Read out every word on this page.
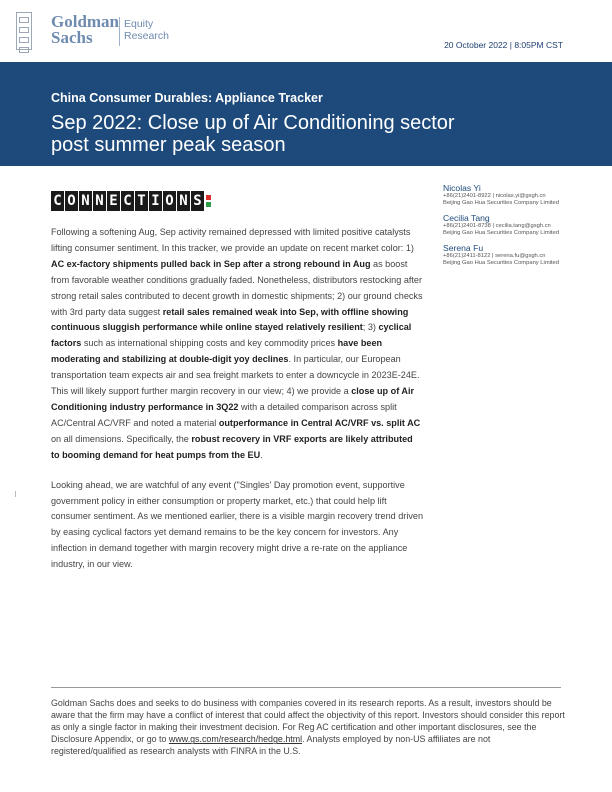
Goldman
Sachs
Equity
Research
20 October 2022 | 8:05PM CST
China Consumer Durables: Appliance Tracker
Sep 2022: Close up of Air Conditioning sector post summer peak season
C O N N E C T I O N S

Following a softening Aug, Sep activity remained depressed with limited positive catalysts lifting consumer sentiment. In this tracker, we provide an update on recent market color: 1) AC ex-factory shipments pulled back in Sep after a strong rebound in Aug as boost from favorable weather conditions gradually faded. Nonetheless, distributors restocking after strong retail sales contributed to decent growth in domestic shipments; 2) our ground checks with 3rd party data suggest retail sales remained weak into Sep, with offline showing continuous sluggish performance while online stayed relatively resilient; 3) cyclical factors such as international shipping costs and key commodity prices have been moderating and stabilizing at double-digit yoy declines. In particular, our European transportation team expects air and sea freight markets to enter a downcycle in 2023E-24E. This will likely support further margin recovery in our view; 4) we provide a close up of Air Conditioning industry performance in 3Q22 with a detailed comparison across split AC/Central AC/VRF and noted a material outperformance in Central AC/VRF vs. split AC on all dimensions. Specifically, the robust recovery in VRF exports are likely attributed to booming demand for heat pumps from the EU.

Looking ahead, we are watchful of any event ("Singles' Day promotion event, supportive government policy in either consumption or property market, etc.) that could help lift consumer sentiment. As we mentioned earlier, there is a visible margin recovery trend driven by easing cyclical factors yet demand remains to be the key concern for investors. Any inflection in demand together with margin recovery might drive a re-rate on the appliance industry, in our view.

Nicolas Yi
+86(21)2401-8922 | nicolas.yi@gsgh.cn
Beijing Gao Hua Securities Company Limited
Cecilia Tang
+86(21)2401-8738 | cecilia.tang@gsgh.cn
Beijing Gao Hua Securities Company Limited
Serena Fu
+86(21)2411-8122 | serena.fu@gsgh.cn
Beijing Gao Hua Securities Company Limited
Goldman Sachs does and seeks to do business with companies covered in its research reports. As a result, investors should be aware that the firm may have a conflict of interest that could affect the objectivity of this report. Investors should consider this report as only a single factor in making their investment decision. For Reg AC certification and other important disclosures, see the Disclosure Appendix, or go to www.gs.com/research/hedge.html. Analysts employed by non-US affiliates are not registered/qualified as research analysts with FINRA in the U.S.
